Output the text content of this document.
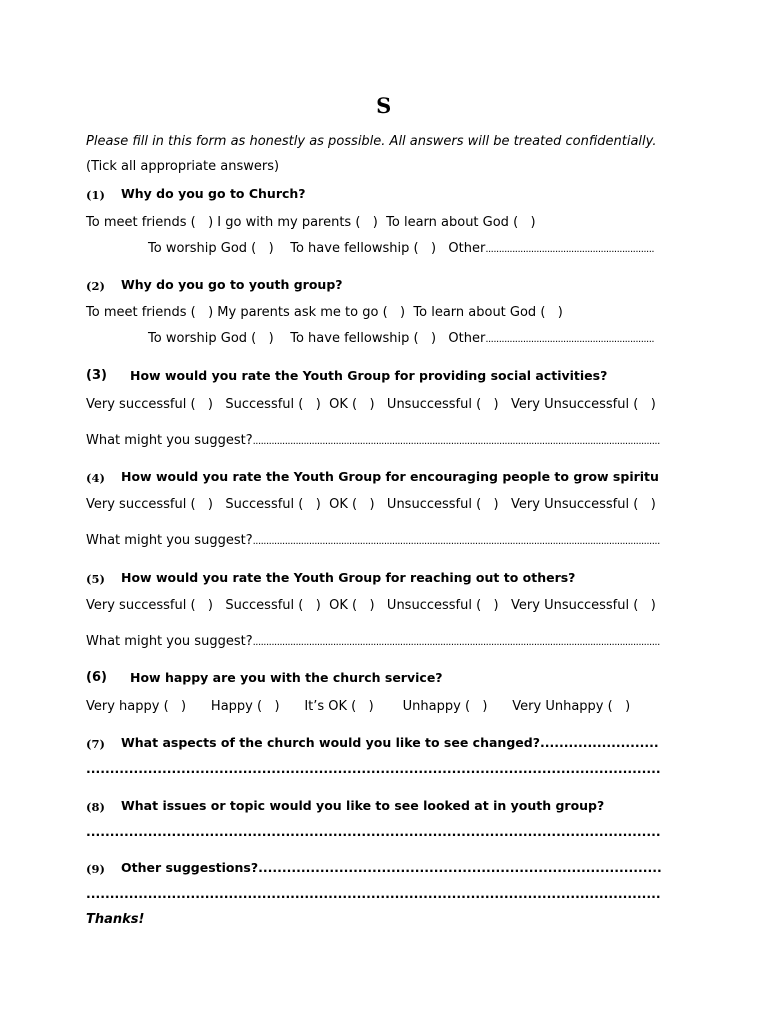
S
Please fill in this form as honestly as possible. All answers will be treated confidentially.
(Tick all appropriate answers)
(1) Why do you go to Church?
To meet friends (   ) I go with my parents (   )  To learn about God (   )
To worship God (   )    To have fellowship (   )   Other...............................................................
(2) Why do you go to youth group?
To meet friends (   ) My parents ask me to go (   )  To learn about God (   )
To worship God (   )    To have fellowship (   )   Other...............................................................
(3) How would you rate the Youth Group for providing social activities?
Very successful (   )   Successful (   )  OK (   )   Unsuccessful (   )   Very Unsuccessful (   )
What might you suggest?........................................................................................................................................................
(4) How would you rate the Youth Group for encouraging people to grow spiritu
Very successful (   )   Successful (   )  OK (   )   Unsuccessful (   )   Very Unsuccessful (   )
What might you suggest?........................................................................................................................................................
(5) How would you rate the Youth Group for reaching out to others?
Very successful (   )   Successful (   )  OK (   )   Unsuccessful (   )   Very Unsuccessful (   )
What might you suggest?........................................................................................................................................................
(6) How happy are you with the church service?
Very happy (   )      Happy (   )      It’s OK (   )       Unhappy (   )      Very Unhappy (   )
(7) What aspects of the church would you like to see changed?.........................
.........................................................................................................................
(8) What issues or topic would you like to see looked at in youth group?
.........................................................................................................................
(9) Other suggestions?.....................................................................................
.........................................................................................................................
Thanks!
